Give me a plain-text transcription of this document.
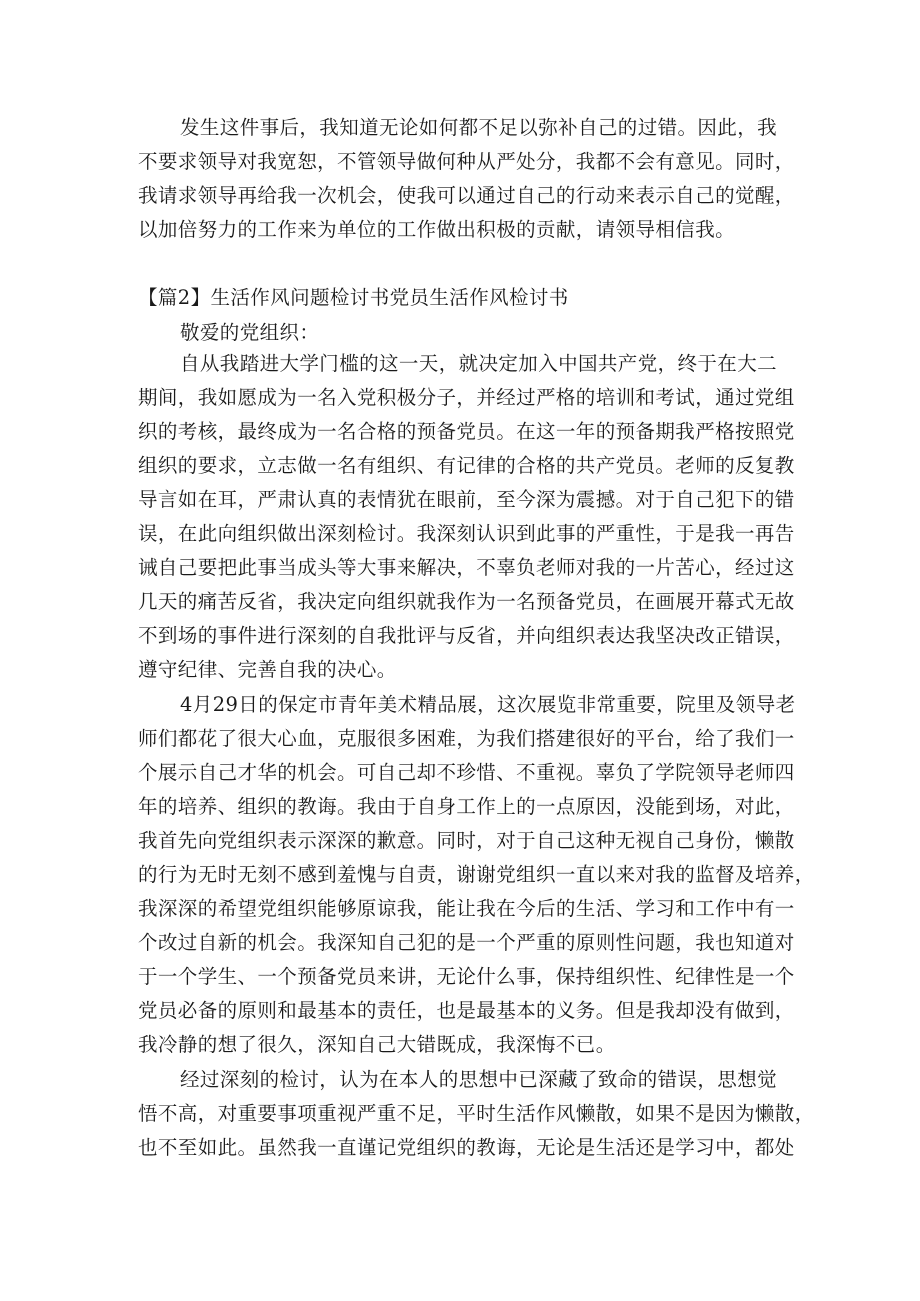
发生这件事后，我知道无论如何都不足以弥补自己的过错。因此，我
不要求领导对我宽恕，不管领导做何种从严处分，我都不会有意见。同时，
我请求领导再给我一次机会，使我可以通过自己的行动来表示自己的觉醒，
以加倍努力的工作来为单位的工作做出积极的贡献，请领导相信我。
【篇2】生活作风问题检讨书党员生活作风检讨书
敬爱的党组织：
自从我踏进大学门槛的这一天，就决定加入中国共产党，终于在大二
期间，我如愿成为一名入党积极分子，并经过严格的培训和考试，通过党组
织的考核，最终成为一名合格的预备党员。在这一年的预备期我严格按照党
组织的要求，立志做一名有组织、有记律的合格的共产党员。老师的反复教
导言如在耳，严肃认真的表情犹在眼前，至今深为震撼。对于自己犯下的错
误，在此向组织做出深刻检讨。我深刻认识到此事的严重性，于是我一再告
诫自己要把此事当成头等大事来解决，不辜负老师对我的一片苦心，经过这
几天的痛苦反省，我决定向组织就我作为一名预备党员，在画展开幕式无故
不到场的事件进行深刻的自我批评与反省，并向组织表达我坚决改正错误，
遵守纪律、完善自我的决心。
4月29日的保定市青年美术精品展，这次展览非常重要，院里及领导老
师们都花了很大心血，克服很多困难，为我们搭建很好的平台，给了我们一
个展示自己才华的机会。可自己却不珍惜、不重视。辜负了学院领导老师四
年的培养、组织的教诲。我由于自身工作上的一点原因，没能到场，对此，
我首先向党组织表示深深的歉意。同时，对于自己这种无视自己身份，懒散
的行为无时无刻不感到羞愧与自责，谢谢党组织一直以来对我的监督及培养，
我深深的希望党组织能够原谅我，能让我在今后的生活、学习和工作中有一
个改过自新的机会。我深知自己犯的是一个严重的原则性问题，我也知道对
于一个学生、一个预备党员来讲，无论什么事，保持组织性、纪律性是一个
党员必备的原则和最基本的责任，也是最基本的义务。但是我却没有做到，
我冷静的想了很久，深知自己大错既成，我深悔不已。
经过深刻的检讨，认为在本人的思想中已深藏了致命的错误，思想觉
悟不高，对重要事项重视严重不足，平时生活作风懒散，如果不是因为懒散，
也不至如此。虽然我一直谨记党组织的教诲，无论是生活还是学习中，都处
